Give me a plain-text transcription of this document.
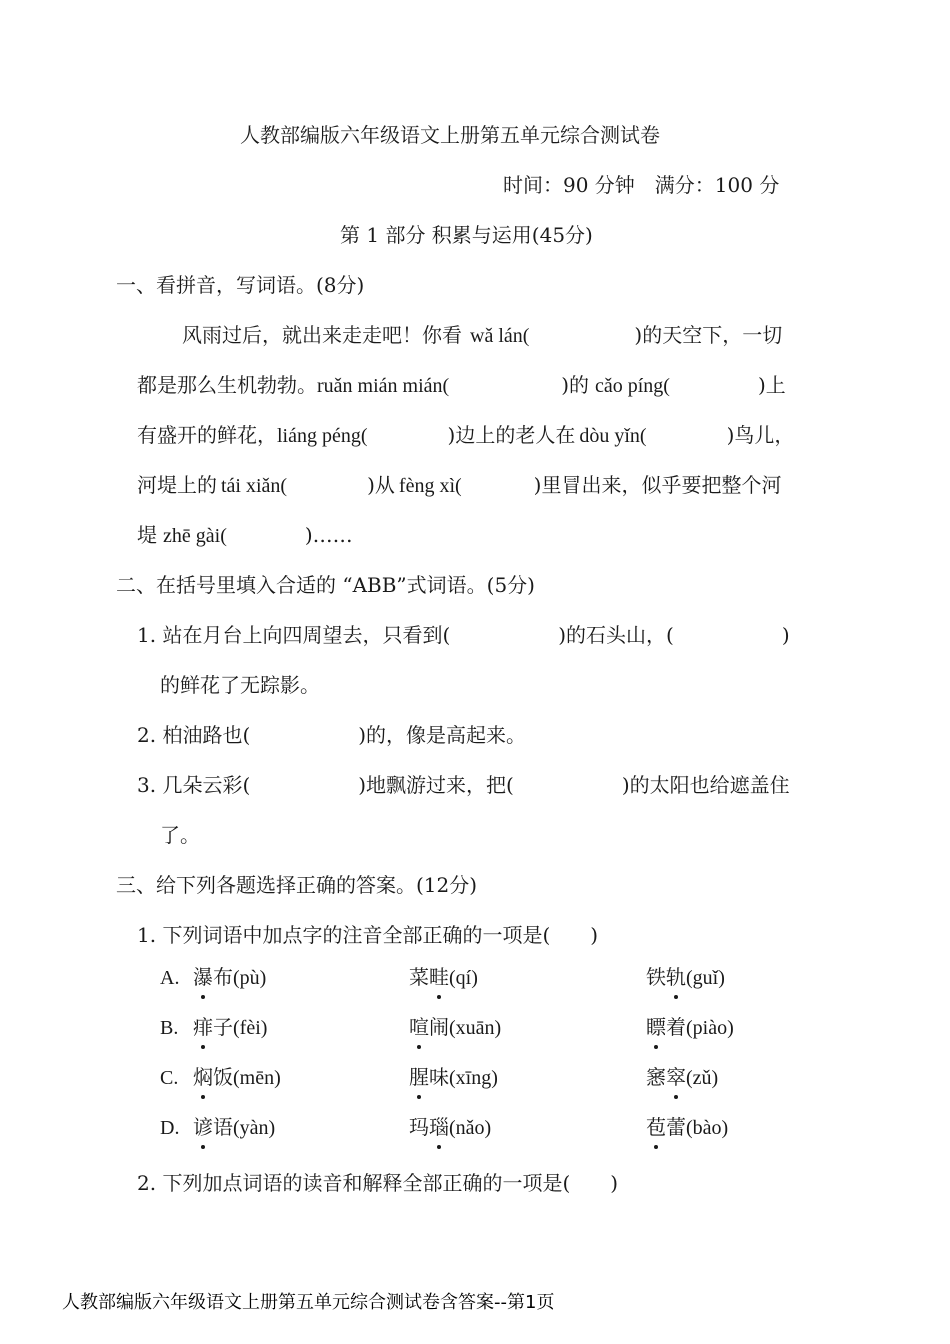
人教部编版六年级语文上册第五单元综合测试卷
时间：90 分钟　满分：100 分
第 1 部分 积累与运用(45分)
一、看拼音，写词语。(8分)
风雨过后，就出来走走吧！你看 wǎ lán(	)的天空下，一切
都是那么生机勃勃。ruǎn mián mián(	)的 cǎo píng(	)上
有盛开的鲜花，liáng péng(	)边上的老人在 dòu yǐn(	)鸟儿，
河堤上的 tái xiǎn(	)从 fèng xì(	)里冒出来，似乎要把整个河
堤 zhē gài(	)……
二、在括号里填入合适的 “ABB”式词语。(5分)
1. 站在月台上向四周望去，只看到(	)的石头山，(	)
的鲜花了无踪影。
2. 柏油路也(	)的，像是高起来。
3. 几朵云彩(	)地飘游过来，把(	)的太阳也给遮盖住
了。
三、给下列各题选择正确的答案。(12分)
1. 下列词语中加点字的注音全部正确的一项是(　　)
A. 瀑布(pù)	菜畦(qí)	铁轨(guǐ)
B. 痱子(fèi)	喧闹(xuān)	瞟着(piào)
C. 焖饭(mēn)	腥味(xīng)	窸窣(zǔ)
D. 谚语(yàn)	玛瑙(nǎo)	苞蕾(bào)
2. 下列加点词语的读音和解释全部正确的一项是(　　)
人教部编版六年级语文上册第五单元综合测试卷含答案--第1页
